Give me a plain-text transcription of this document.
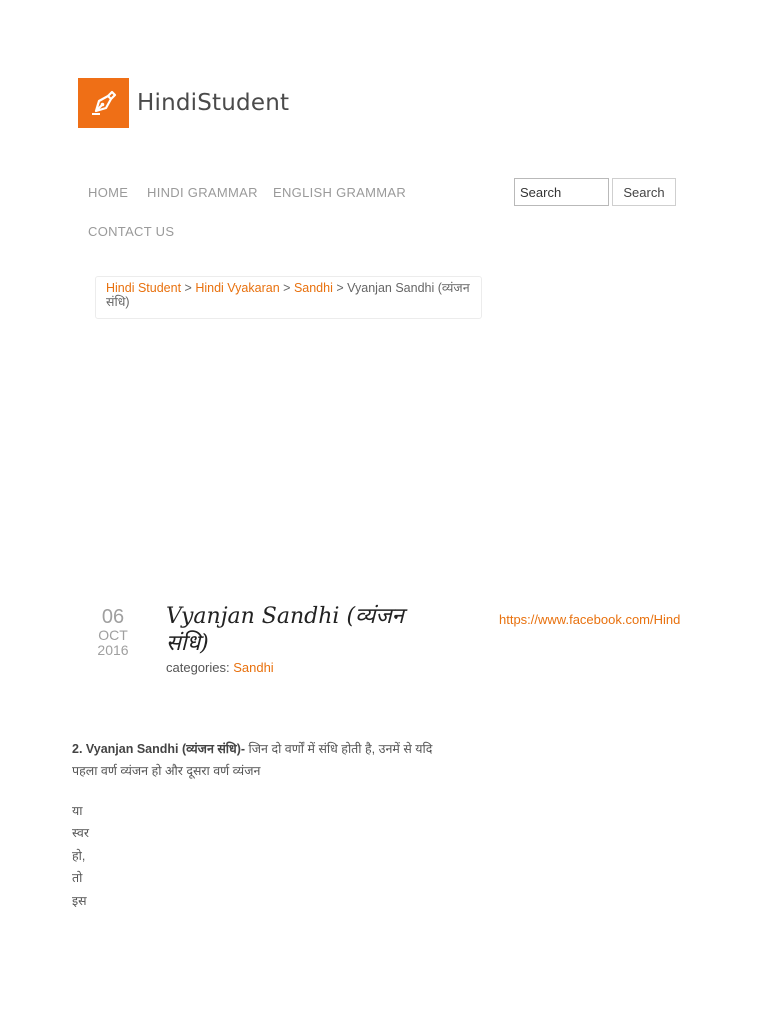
HindiStudent
HOME HINDI GRAMMAR ENGLISH GRAMMAR
CONTACT US
Search
Search
Hindi Student > Hindi Vyakaran > Sandhi > Vyanjan Sandhi (व्यंजन संधि)
06
OCT
2016
Vyanjan Sandhi (व्यंजन संधि)
categories: Sandhi
https://www.facebook.com/Hind

2. Vyanjan Sandhi (व्यंजन संधि)- जिन दो वर्णों में संधि होती है, उनमें से यदि पहला वर्ण व्यंजन हो और दूसरा वर्ण व्यंजन

या
स्वर
हो,
तो
इस
